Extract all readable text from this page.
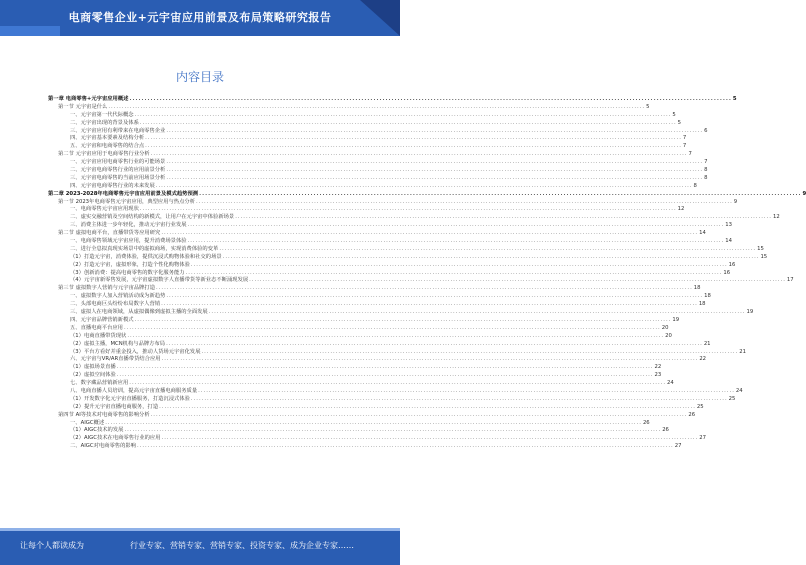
电商零售企业+元宇宙应用前景及布局策略研究报告
内容目录
第一章 电商零售+元宇宙应用概述 ........................................................................................................................................................................................................ 5
第一节 元宇宙是什么 ........................................................................................................................................................................................................ 5
一、元宇宙第一代代际概念 ........................................................................................................................................................................................................ 5
二、元宇宙出现的背景及体系 ........................................................................................................................................................................................................ 5
三、元宇宙应用有利带来在电商零售企业 ........................................................................................................................................................................................................ 6
四、元宇宙基本要素及结构分析 ........................................................................................................................................................................................................ 7
五、元宇宙和电商零售的结合点 ........................................................................................................................................................................................................ 7
第二节 元宇宙应用于电商零售行业分析 ........................................................................................................................................................................................................ 7
一、元宇宙应用电商零售行业的可能场景 ........................................................................................................................................................................................................ 7
二、元宇宙电商零售行业的应用前景分析 ........................................................................................................................................................................................................ 8
三、元宇宙电商零售的当前应用场景分析 ........................................................................................................................................................................................................ 8
四、元宇宙电商零售行业的未来发展 ........................................................................................................................................................................................................ 8
第二章 2023-2028年电商零售元宇宙应用前景及模式趋势预测 ........................................................................................................................................................................................................ 9
第一节 2023年电商零售元宇宙应用，典型应用与热点分析 ........................................................................................................................................................................................................ 9
一、电商零售元宇宙应用现状 ........................................................................................................................................................................................................ 12
二、虚实交融营销及空间结构的新模式，让用户在元宇宙中体验新场景 ........................................................................................................................................................................................................ 12
三、消费主体进一步年轻化，推动元宇宙行业发展 ........................................................................................................................................................................................................ 13
第二节 虚拟电商平台，直播带货等应用研究 ........................................................................................................................................................................................................ 14
一、电商零售领域元宇宙应用，提升消费场景体验 ........................................................................................................................................................................................................ 14
二、进行全息拟真现实场景中的虚拟商场，实现消费体验的变革 ........................................................................................................................................................................................................ 15
（1）打造元宇宙，消费体验，提供沉浸式购物体验和社交的场景 ........................................................................................................................................................................................................ 15
（2）打造元宇宙，虚拟形象，打造个性化购物体验 ........................................................................................................................................................................................................ 16
（3）创新消费：提高电商零售的数字化服务能力 ........................................................................................................................................................................................................ 16
（4）元宇宙新零售发展，元宇宙虚拟数字人直播带货等新业态不断涌现发展 ........................................................................................................................................................................................................ 17
第三节 虚拟数字人营销与元宇宙品牌打造 ........................................................................................................................................................................................................ 18
一、虚拟数字人加入营销活动成为新趋势 ........................................................................................................................................................................................................ 18
二、头部电商巨头纷纷布局数字人营销 ........................................................................................................................................................................................................ 18
三、虚拟人在电商领域，从虚拟偶像到虚拟主播的全面发展 ........................................................................................................................................................................................................ 19
四、元宇宙品牌营销新模式 ........................................................................................................................................................................................................ 19
五、直播电商平台应用 ........................................................................................................................................................................................................ 20
（1）电商直播带货现状 ........................................................................................................................................................................................................ 20
（2）虚拟主播，MCN机构与品牌方布局 ........................................................................................................................................................................................................ 21
（3）平台方看好并重金投入，推动人货场元宇宙化发展 ........................................................................................................................................................................................................ 21
六、元宇宙与VR/AR直播带货结合应用 ........................................................................................................................................................................................................ 22
（1）虚拟场景直播 ........................................................................................................................................................................................................ 22
（2）虚拟空间体验 ........................................................................................................................................................................................................ 23
七、数字藏品营销新应用 ........................................................................................................................................................................................................ 24
八、电商直播人员培训，提高元宇宙直播电商服务质量 ........................................................................................................................................................................................................ 24
（1）开发数字化元宇宙直播服务，打造沉浸式体验 ........................................................................................................................................................................................................ 25
（2）提升元宇宙直播电商服务，打造 ........................................................................................................................................................................................................ 25
第四节 AI等技术对电商零售的影响分析 ........................................................................................................................................................................................................ 26
一、AIGC概述 ........................................................................................................................................................................................................ 26
（1）AIGC技术的发展 ........................................................................................................................................................................................................ 26
（2）AIGC技术在电商零售行业的应用 ........................................................................................................................................................................................................ 27
二、AIGC对电商零售的影响 ........................................................................................................................................................................................................ 27
让每个人都读成为	行业专家、营销专家、营销专家、投资专家、成为企业专家……
